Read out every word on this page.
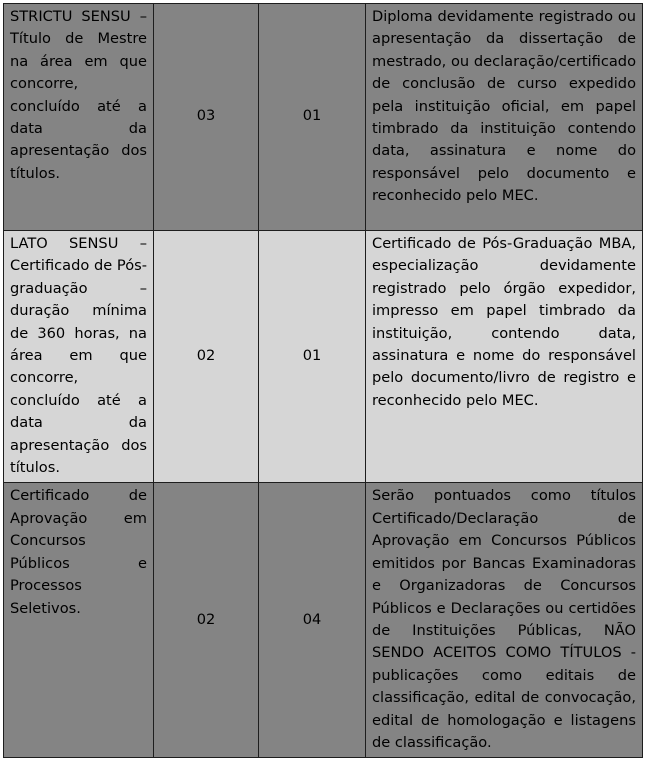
STRICTU SENSU – Título de Mestre na área em que concorre, concluído até a data da apresentação dos títulos.	03	01	Diploma devidamente registrado ou apresentação da dissertação de mestrado, ou declaração/certificado de conclusão de curso expedido pela instituição oficial, em papel timbrado da instituição contendo data, assinatura e nome do responsável pelo documento e reconhecido pelo MEC.
LATO SENSU – Certificado de Pós-graduação – duração mínima de 360 horas, na área em que concorre, concluído até a data da apresentação dos títulos.	02	01	Certificado de Pós-Graduação MBA, especialização devidamente registrado pelo órgão expedidor, impresso em papel timbrado da instituição, contendo data, assinatura e nome do responsável pelo documento/livro de registro e reconhecido pelo MEC.
Certificado de Aprovação em Concursos Públicos e Processos Seletivos.	02	04	Serão pontuados como títulos Certificado/Declaração de Aprovação em Concursos Públicos emitidos por Bancas Examinadoras e Organizadoras de Concursos Públicos e Declarações ou certidões de Instituições Públicas, NÃO SENDO ACEITOS COMO TÍTULOS - publicações como editais de classificação, edital de convocação, edital de homologação e listagens de classificação.
